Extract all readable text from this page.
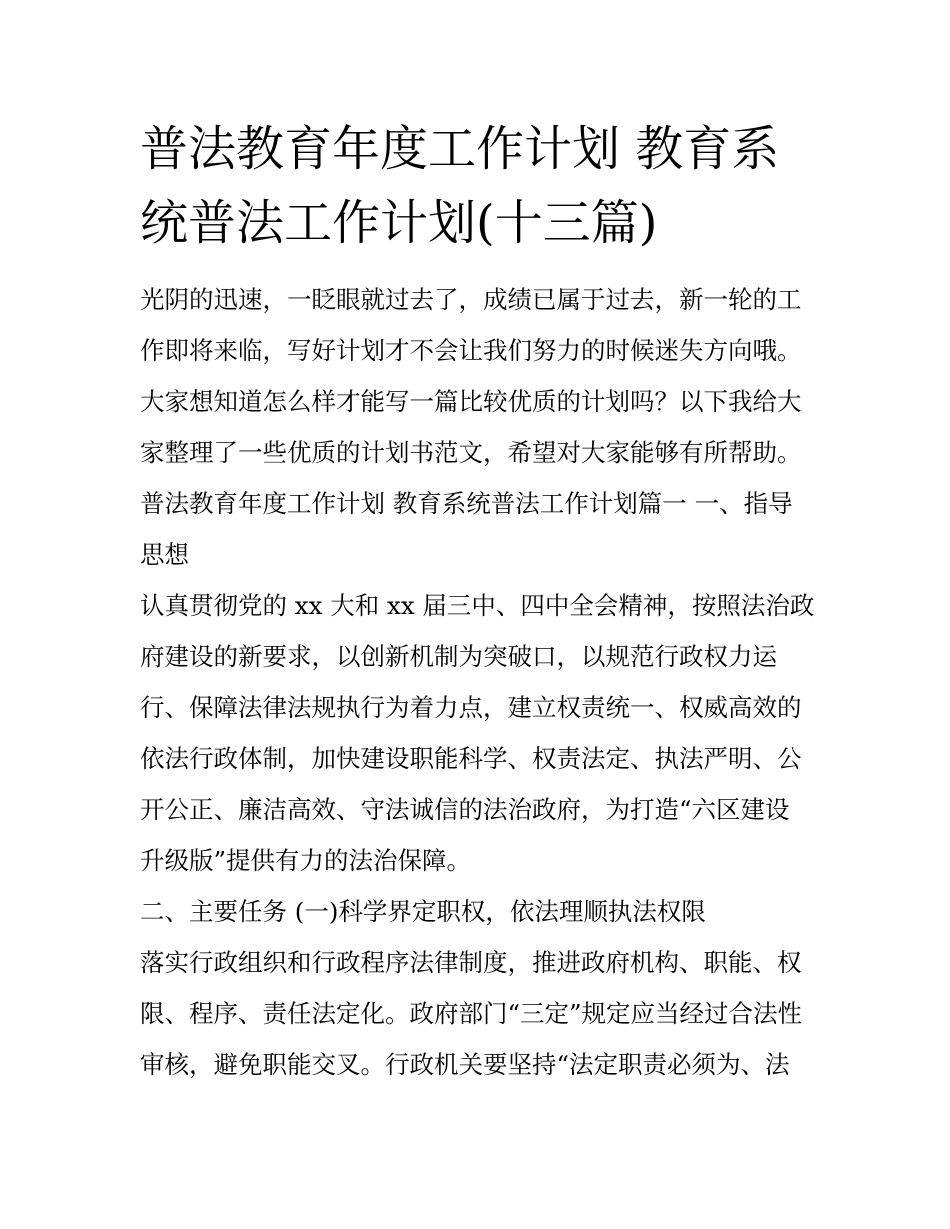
普法教育年度工作计划 教育系
统普法工作计划(十三篇)
光阴的迅速，一眨眼就过去了，成绩已属于过去，新一轮的工
作即将来临，写好计划才不会让我们努力的时候迷失方向哦。
大家想知道怎么样才能写一篇比较优质的计划吗？以下我给大
家整理了一些优质的计划书范文，希望对大家能够有所帮助。
普法教育年度工作计划 教育系统普法工作计划篇一 一、指导
思想
认真贯彻党的 xx 大和 xx 届三中、四中全会精神，按照法治政
府建设的新要求，以创新机制为突破口，以规范行政权力运
行、保障法律法规执行为着力点，建立权责统一、权威高效的
依法行政体制，加快建设职能科学、权责法定、执法严明、公
开公正、廉洁高效、守法诚信的法治政府，为打造“六区建设
升级版”提供有力的法治保障。
二、主要任务 (一)科学界定职权，依法理顺执法权限
落实行政组织和行政程序法律制度，推进政府机构、职能、权
限、程序、责任法定化。政府部门“三定”规定应当经过合法性
审核，避免职能交叉。行政机关要坚持“法定职责必须为、法
